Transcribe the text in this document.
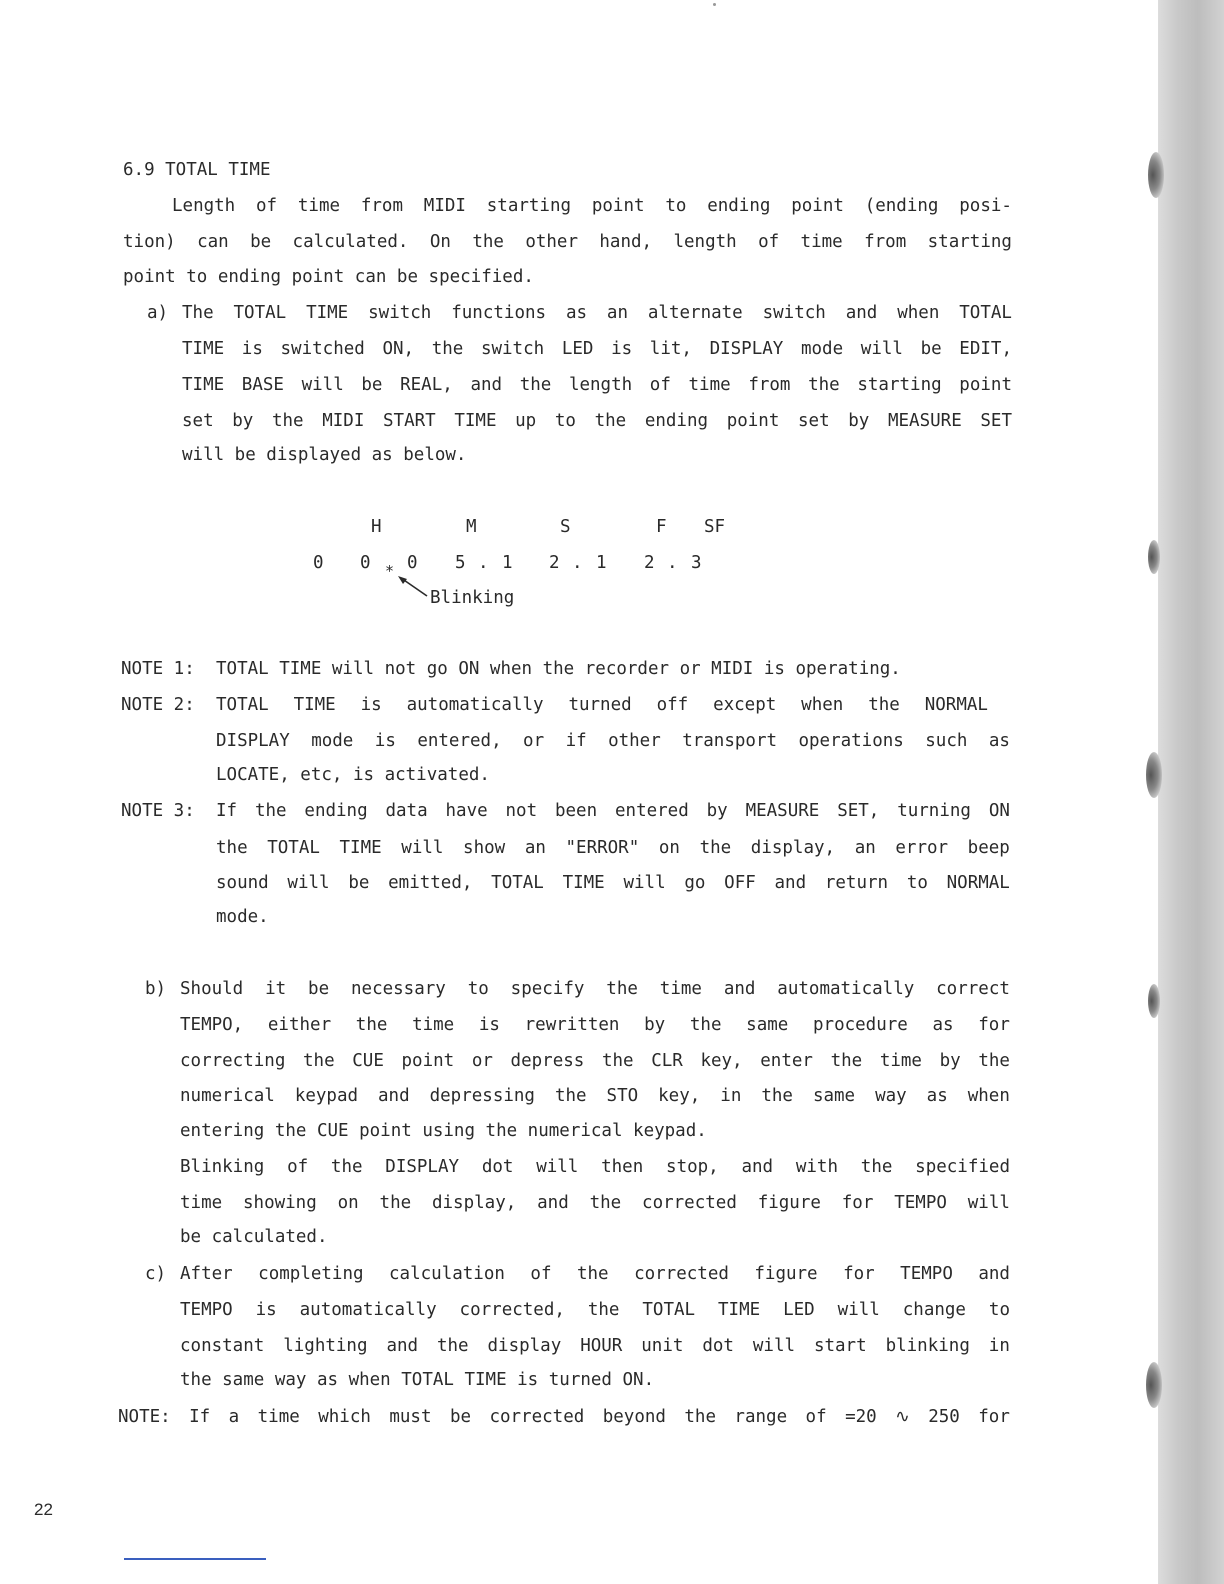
6.9 TOTAL TIME
Length of time from MIDI starting point to ending point (ending posi-
tion) can be calculated. On the other hand, length of time from starting
point to ending point can be specified.
a) The TOTAL TIME switch functions as an alternate switch and when TOTAL
TIME is switched ON, the switch LED is lit, DISPLAY mode will be EDIT,
TIME BASE will be REAL, and the length of time from the starting point
set by the MIDI START TIME up to the ending point set by MEASURE SET
will be displayed as below.
H	M	S	F SF
0 0 * 0 5 . 1 2 . 1 2 . 3
Blinking
NOTE 1: TOTAL TIME will not go ON when the recorder or MIDI is operating.
NOTE 2: TOTAL TIME is automatically turned off except when the NORMAL
DISPLAY mode is entered, or if other transport operations such as
LOCATE, etc, is activated.
NOTE 3: If the ending data have not been entered by MEASURE SET, turning ON
the TOTAL TIME will show an "ERROR" on the display, an error beep
sound will be emitted, TOTAL TIME will go OFF and return to NORMAL
mode.
b) Should it be necessary to specify the time and automatically correct
TEMPO, either the time is rewritten by the same procedure as for
correcting the CUE point or depress the CLR key, enter the time by the
numerical keypad and depressing the STO key, in the same way as when
entering the CUE point using the numerical keypad.
Blinking of the DISPLAY dot will then stop, and with the specified
time showing on the display, and the corrected figure for TEMPO will
be calculated.
c) After completing calculation of the corrected figure for TEMPO and
TEMPO is automatically corrected, the TOTAL TIME LED will change to
constant lighting and the display HOUR unit dot will start blinking in
the same way as when TOTAL TIME is turned ON.
NOTE: If a time which must be corrected beyond the range of =20 ∿ 250 for
22
